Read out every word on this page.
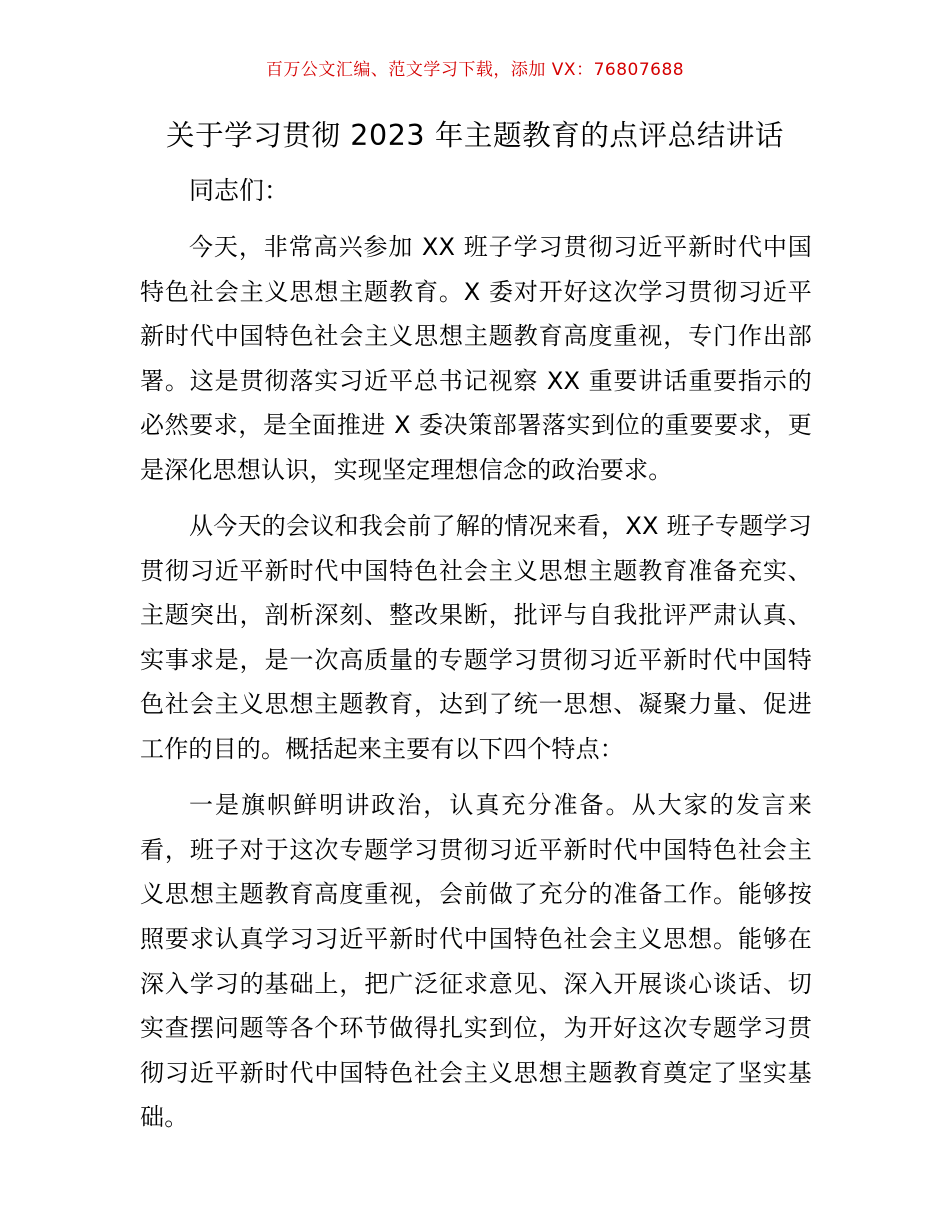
百万公文汇编、范文学习下载，添加 VX：76807688
关于学习贯彻 2023 年主题教育的点评总结讲话
同志们：

今天，非常高兴参加 XX 班子学习贯彻习近平新时代中国特色社会主义思想主题教育。X 委对开好这次学习贯彻习近平新时代中国特色社会主义思想主题教育高度重视，专门作出部署。这是贯彻落实习近平总书记视察 XX 重要讲话重要指示的必然要求，是全面推进 X 委决策部署落实到位的重要要求，更是深化思想认识，实现坚定理想信念的政治要求。

从今天的会议和我会前了解的情况来看，XX 班子专题学习贯彻习近平新时代中国特色社会主义思想主题教育准备充实、主题突出，剖析深刻、整改果断，批评与自我批评严肃认真、实事求是，是一次高质量的专题学习贯彻习近平新时代中国特色社会主义思想主题教育，达到了统一思想、凝聚力量、促进工作的目的。概括起来主要有以下四个特点：

一是旗帜鲜明讲政治，认真充分准备。从大家的发言来看，班子对于这次专题学习贯彻习近平新时代中国特色社会主义思想主题教育高度重视，会前做了充分的准备工作。能够按照要求认真学习习近平新时代中国特色社会主义思想。能够在深入学习的基础上，把广泛征求意见、深入开展谈心谈话、切实查摆问题等各个环节做得扎实到位，为开好这次专题学习贯彻习近平新时代中国特色社会主义思想主题教育奠定了坚实基础。
